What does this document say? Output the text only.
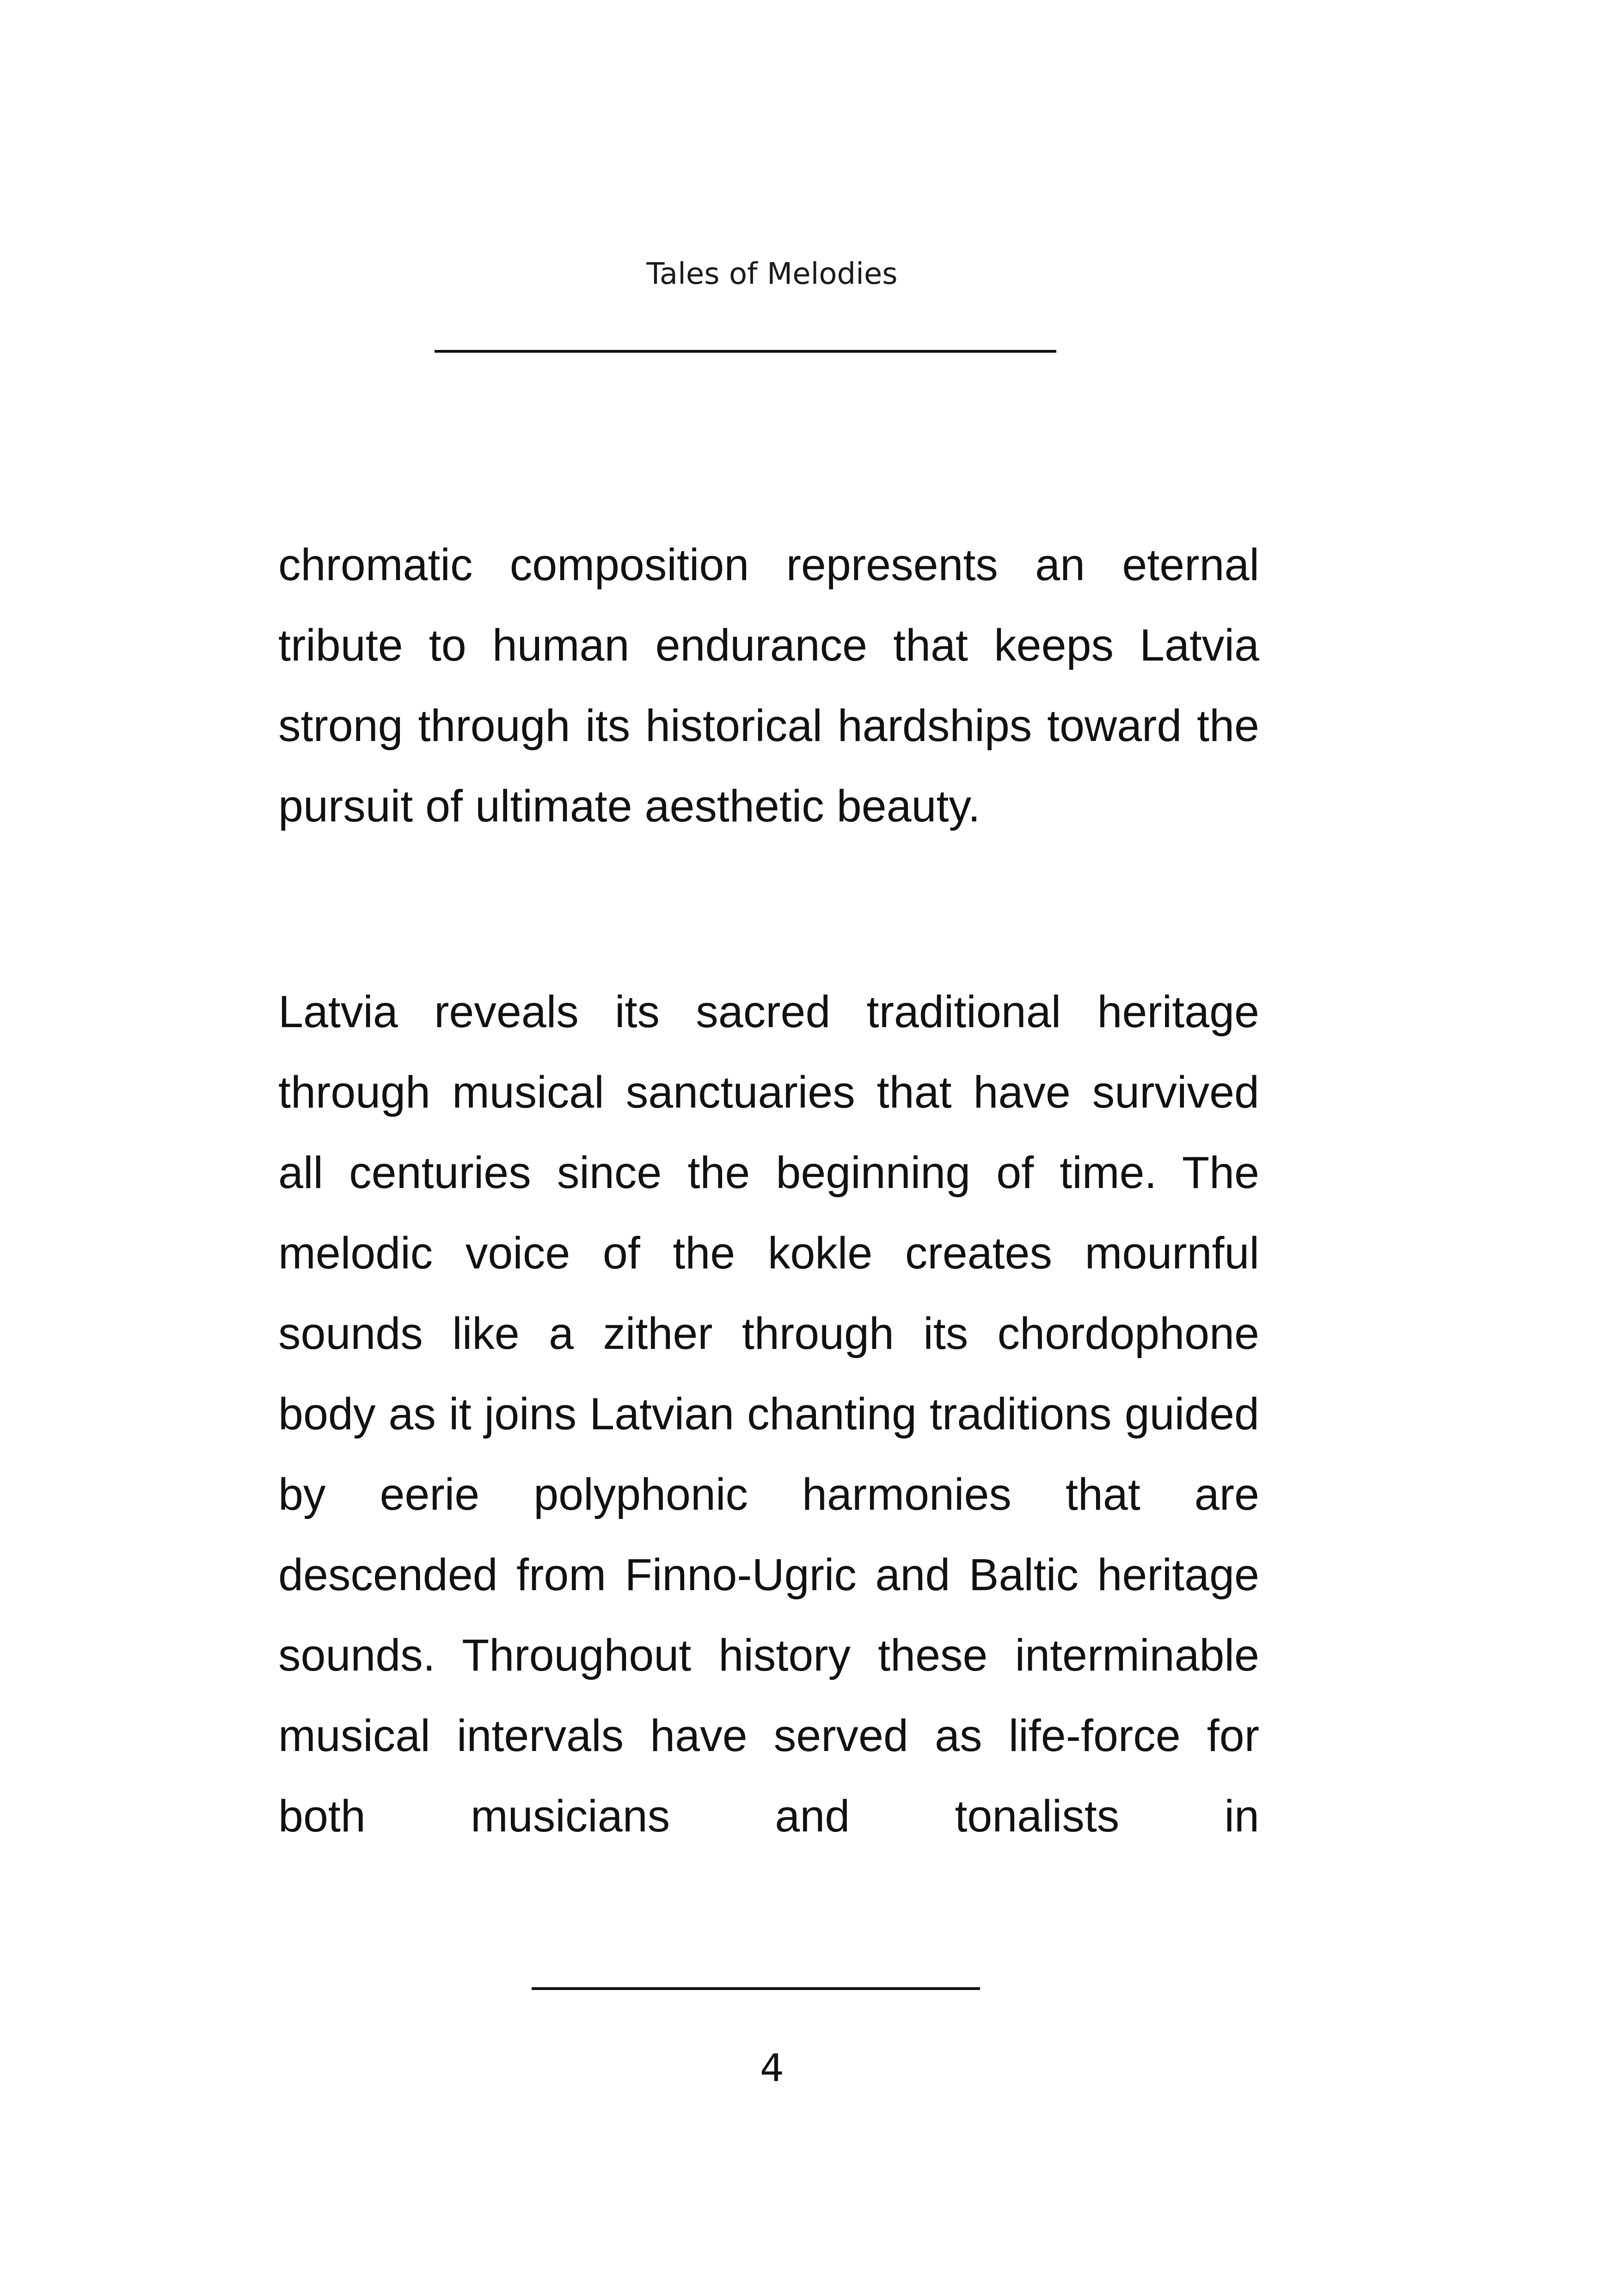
Tales of Melodies

chromatic composition represents an eternal tribute to human endurance that keeps Latvia strong through its historical hardships toward the pursuit of ultimate aesthetic beauty.

Latvia reveals its sacred traditional heritage through musical sanctuaries that have survived all centuries since the beginning of time. The melodic voice of the kokle creates mournful sounds like a zither through its chordophone body as it joins Latvian chanting traditions guided by eerie polyphonic harmonies that are descended from Finno-Ugric and Baltic heritage sounds. Throughout history these interminable musical intervals have served as life-force for both musicians and tonalists in

4
